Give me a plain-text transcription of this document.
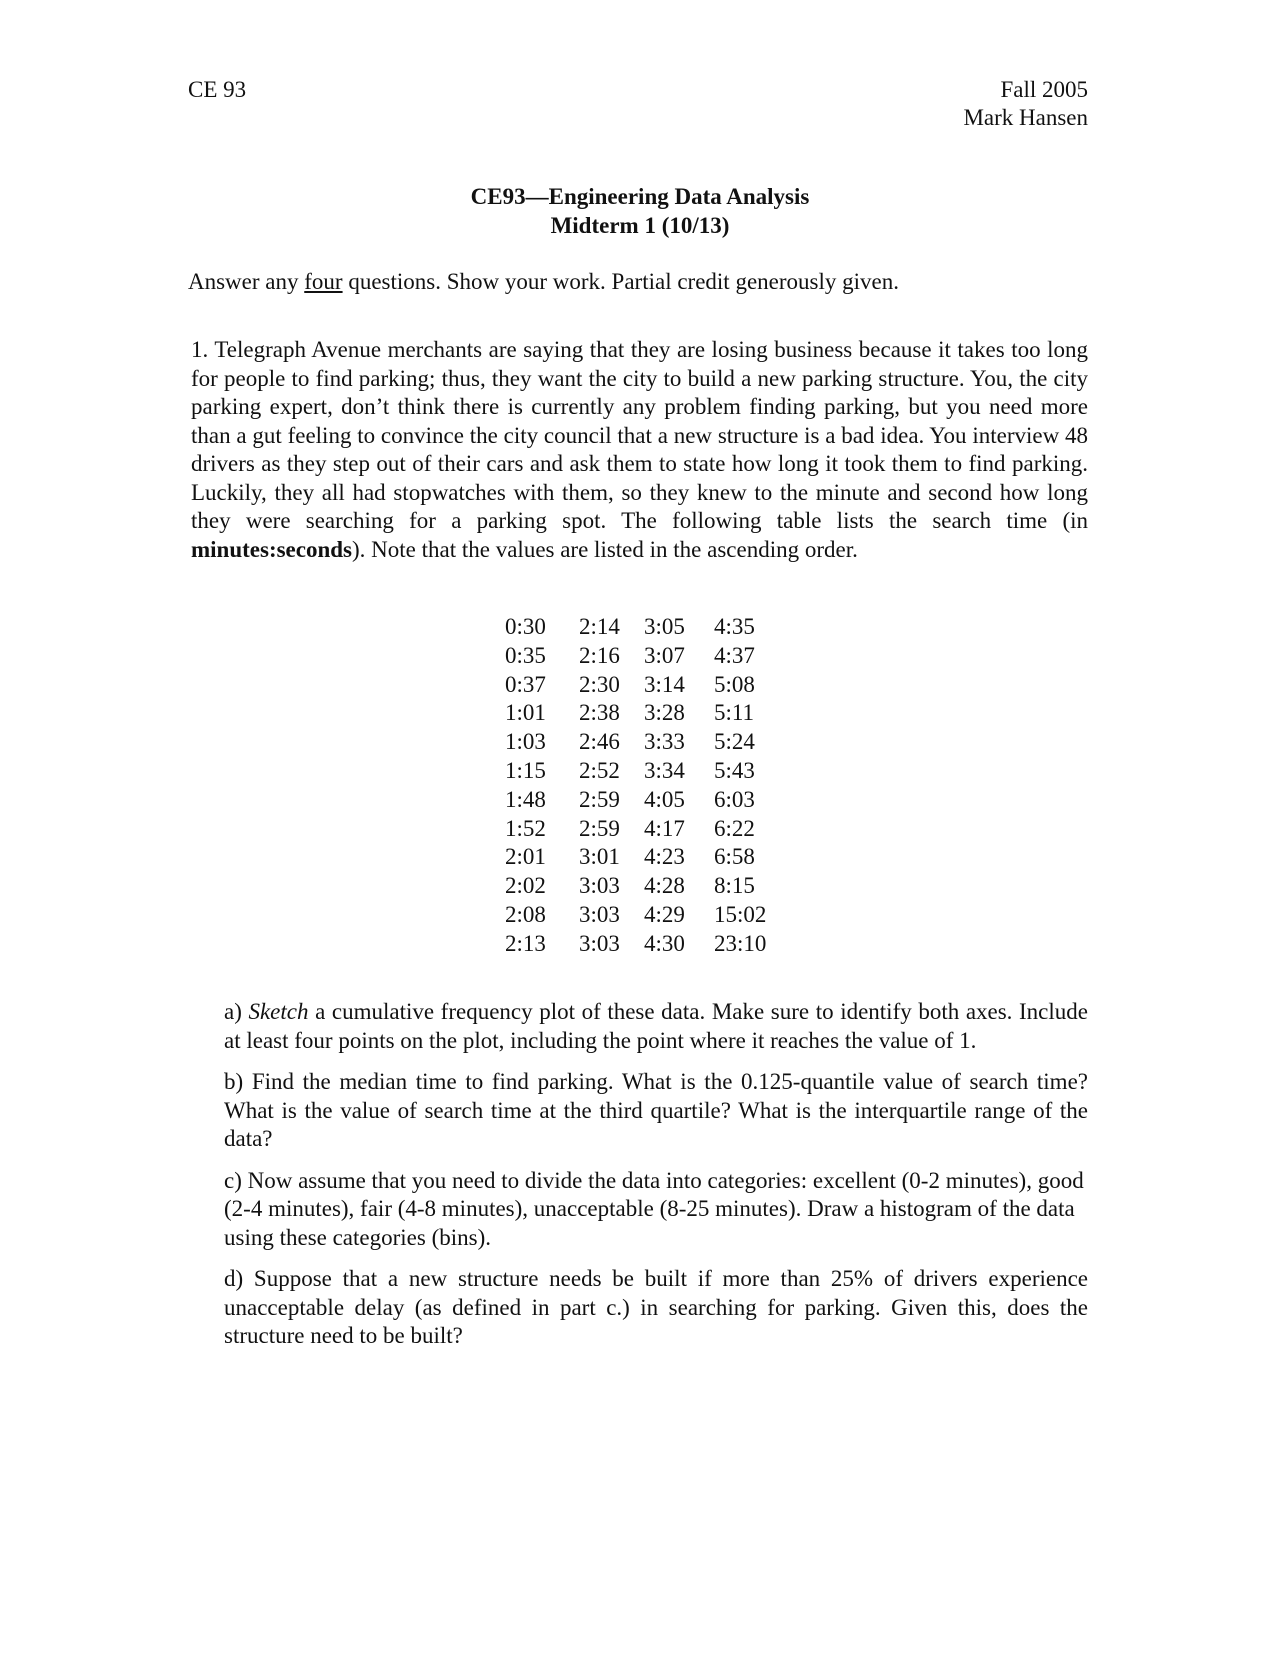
CE 93	Fall 2005
Mark Hansen
CE93—Engineering Data Analysis
Midterm 1 (10/13)
Answer any four questions. Show your work. Partial credit generously given.
1. Telegraph Avenue merchants are saying that they are losing business because it takes too long for people to find parking; thus, they want the city to build a new parking structure. You, the city parking expert, don’t think there is currently any problem finding parking, but you need more than a gut feeling to convince the city council that a new structure is a bad idea. You interview 48 drivers as they step out of their cars and ask them to state how long it took them to find parking. Luckily, they all had stopwatches with them, so they knew to the minute and second how long they were searching for a parking spot. The following table lists the search time (in minutes:seconds). Note that the values are listed in the ascending order.
0:30	2:14	3:05	4:35
0:35	2:16	3:07	4:37
0:37	2:30	3:14	5:08
1:01	2:38	3:28	5:11
1:03	2:46	3:33	5:24
1:15	2:52	3:34	5:43
1:48	2:59	4:05	6:03
1:52	2:59	4:17	6:22
2:01	3:01	4:23	6:58
2:02	3:03	4:28	8:15
2:08	3:03	4:29	15:02
2:13	3:03	4:30	23:10
a) Sketch a cumulative frequency plot of these data. Make sure to identify both axes. Include at least four points on the plot, including the point where it reaches the value of 1.
b) Find the median time to find parking. What is the 0.125-quantile value of search time? What is the value of search time at the third quartile? What is the interquartile range of the data?
c) Now assume that you need to divide the data into categories: excellent (0-2 minutes), good (2-4 minutes), fair (4-8 minutes), unacceptable (8-25 minutes). Draw a histogram of the data using these categories (bins).
d) Suppose that a new structure needs be built if more than 25% of drivers experience unacceptable delay (as defined in part c.) in searching for parking. Given this, does the structure need to be built?
